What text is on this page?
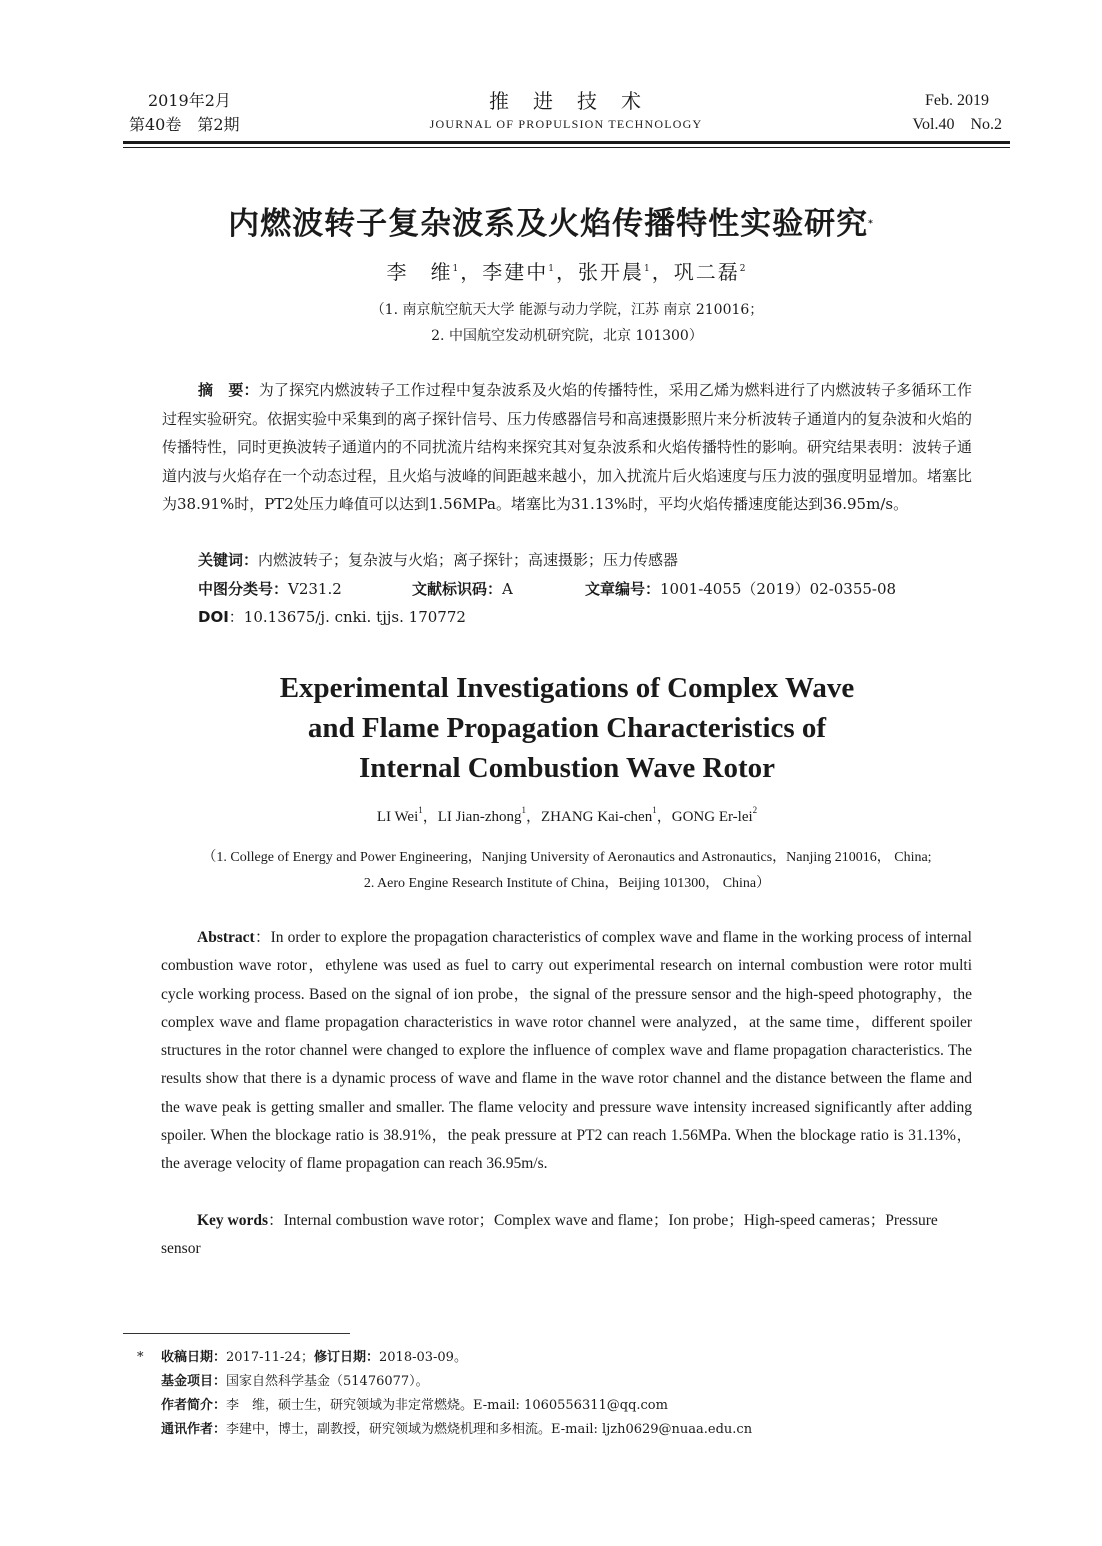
2019年2月
第40卷　第2期
推　进　技　术
JOURNAL OF PROPULSION TECHNOLOGY
Feb. 2019
Vol.40　No.2
内燃波转子复杂波系及火焰传播特性实验研究*
李　维$^1$，李建中$^1$，张开晨$^1$，巩二磊$^2$
（1. 南京航空航天大学 能源与动力学院，江苏 南京 210016；
2. 中国航空发动机研究院，北京 101300）
摘　要：为了探究内燃波转子工作过程中复杂波系及火焰的传播特性，采用乙烯为燃料进行了内燃波转子多循环工作过程实验研究。依据实验中采集到的离子探针信号、压力传感器信号和高速摄影照片来分析波转子通道内的复杂波和火焰的传播特性，同时更换波转子通道内的不同扰流片结构来探究其对复杂波系和火焰传播特性的影响。研究结果表明：波转子通道内波与火焰存在一个动态过程，且火焰与波峰的间距越来越小，加入扰流片后火焰速度与压力波的强度明显增加。堵塞比为38.91%时，PT2处压力峰值可以达到1.56MPa。堵塞比为31.13%时，平均火焰传播速度能达到36.95m/s。
关键词：内燃波转子；复杂波与火焰；离子探针；高速摄影；压力传感器
中图分类号：V231.2	文献标识码：A	文章编号：1001-4055（2019）02-0355-08
DOI：10.13675/j. cnki. tjjs. 170772
Experimental Investigations of Complex Wave
and Flame Propagation Characteristics of
Internal Combustion Wave Rotor
LI Wei$^1$，LI Jian-zhong$^1$，ZHANG Kai-chen$^1$，GONG Er-lei$^2$
（1. College of Energy and Power Engineering，Nanjing University of Aeronautics and Astronautics，Nanjing 210016， China;
2. Aero Engine Research Institute of China，Beijing 101300， China）
Abstract：In order to explore the propagation characteristics of complex wave and flame in the working process of internal combustion wave rotor，ethylene was used as fuel to carry out experimental research on internal combustion were rotor multi cycle working process. Based on the signal of ion probe，the signal of the pressure sensor and the high-speed photography，the complex wave and flame propagation characteristics in wave rotor channel were analyzed，at the same time，different spoiler structures in the rotor channel were changed to explore the influence of complex wave and flame propagation characteristics. The results show that there is a dynamic process of wave and flame in the wave rotor channel and the distance between the flame and the wave peak is getting smaller and smaller. The flame velocity and pressure wave intensity increased significantly after adding spoiler. When the blockage ratio is 38.91%，the peak pressure at PT2 can reach 1.56MPa. When the blockage ratio is 31.13%，the average velocity of flame propagation can reach 36.95m/s.
Key words：Internal combustion wave rotor；Complex wave and flame；Ion probe；High-speed cameras；Pressure sensor
* 收稿日期：2017-11-24；修订日期：2018-03-09。
基金项目：国家自然科学基金（51476077）。
作者简介：李　维，硕士生，研究领域为非定常燃烧。E-mail: 1060556311@qq.com
通讯作者：李建中，博士，副教授，研究领域为燃烧机理和多相流。E-mail: ljzh0629@nuaa.edu.cn
